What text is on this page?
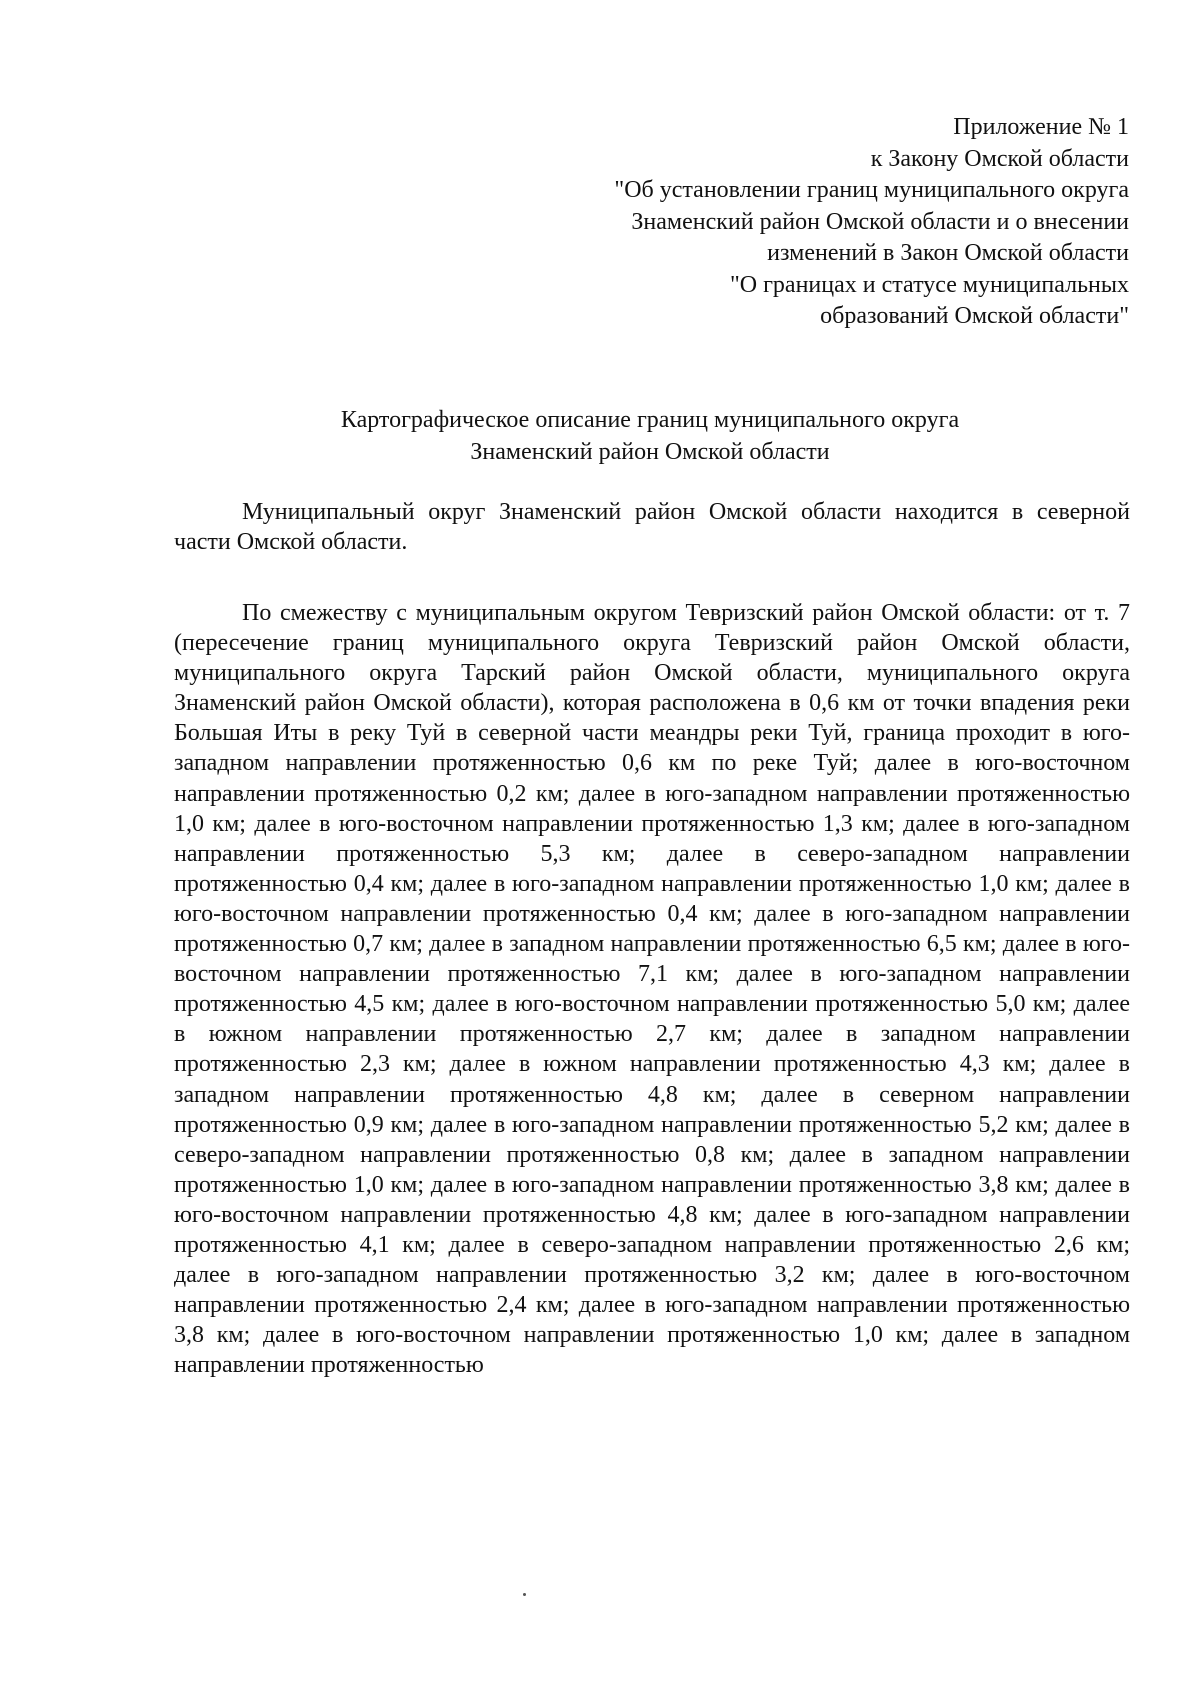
Приложение № 1
к Закону Омской области
"Об установлении границ муниципального округа
Знаменский район Омской области и о внесении
изменений в Закон Омской области
"О границах и статусе муниципальных
образований Омской области"
Картографическое описание границ муниципального округа
Знаменский район Омской области

Муниципальный округ Знаменский район Омской области находится в северной части Омской области.

По смежеству с муниципальным округом Тевризский район Омской области: от т. 7 (пересечение границ муниципального округа Тевризский район Омской области, муниципального округа Тарский район Омской области, муниципального округа Знаменский район Омской области), которая расположена в 0,6 км от точки впадения реки Большая Иты в реку Туй в северной части меандры реки Туй, граница проходит в юго-западном направлении протяженностью 0,6 км по реке Туй; далее в юго-восточном направлении протяженностью 0,2 км; далее в юго-западном направлении протяженностью 1,0 км; далее в юго-восточном направлении протяженностью 1,3 км; далее в юго-западном направлении протяженностью 5,3 км; далее в северо-западном направлении протяженностью 0,4 км; далее в юго-западном направлении протяженностью 1,0 км; далее в юго-восточном направлении протяженностью 0,4 км; далее в юго-западном направлении протяженностью 0,7 км; далее в западном направлении протяженностью 6,5 км; далее в юго-восточном направлении протяженностью 7,1 км; далее в юго-западном направлении протяженностью 4,5 км; далее в юго-восточном направлении протяженностью 5,0 км; далее в южном направлении протяженностью 2,7 км; далее в западном направлении протяженностью 2,3 км; далее в южном направлении протяженностью 4,3 км; далее в западном направлении протяженностью 4,8 км; далее в северном направлении протяженностью 0,9 км; далее в юго-западном направлении протяженностью 5,2 км; далее в северо-западном направлении протяженностью 0,8 км; далее в западном направлении протяженностью 1,0 км; далее в юго-западном направлении протяженностью 3,8 км; далее в юго-восточном направлении протяженностью 4,8 км; далее в юго-западном направлении протяженностью 4,1 км; далее в северо-западном направлении протяженностью 2,6 км; далее в юго-западном направлении протяженностью 3,2 км; далее в юго-восточном направлении протяженностью 2,4 км; далее в юго-западном направлении протяженностью 3,8 км; далее в юго-восточном направлении протяженностью 1,0 км; далее в западном направлении протяженностью
